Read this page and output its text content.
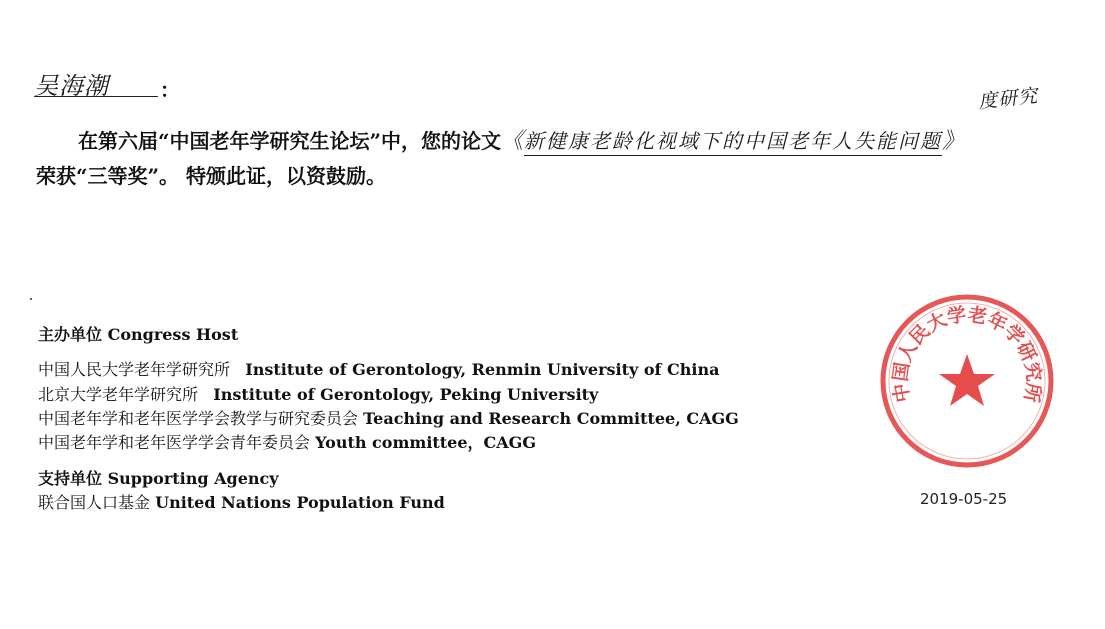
吴海潮	：
在第六届“中国老年学研究生论坛”中，您的论文《新健康老龄化视域下的中国老年人失能问题》
度研究
荣获“三等奖”。 特颁此证，以资鼓励。
主办单位 Congress Host
中国人民大学老年学研究所 Institute of Gerontology, Renmin University of China
北京大学老年学研究所 Institute of Gerontology, Peking University
中国老年学和老年医学学会教学与研究委员会 Teaching and Research Committee, CAGG
中国老年学和老年医学学会青年委员会 Youth committee，CAGG
支持单位 Supporting Agency
联合国人口基金 United Nations Population Fund
中国人民大学老年学研究所
2019-05-25
